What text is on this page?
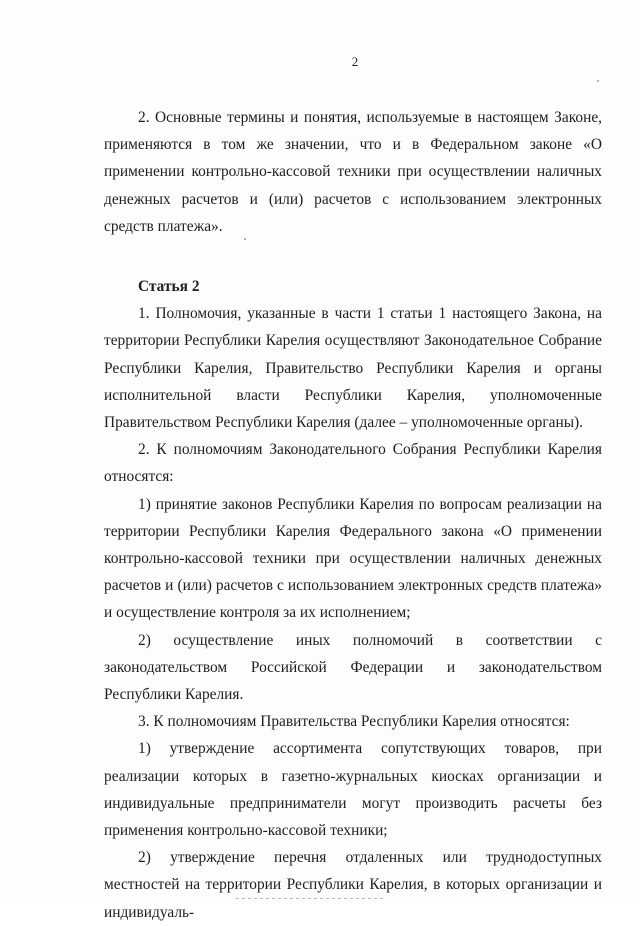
2

2. Основные термины и понятия, используемые в настоящем Законе, применяются в том же значении, что и в Федеральном законе «О применении контрольно-кассовой техники при осуществлении наличных денежных расчетов и (или) расчетов с использованием электронных средств платежа».

Статья 2

1. Полномочия, указанные в части 1 статьи 1 настоящего Закона, на территории Республики Карелия осуществляют Законодательное Собрание Республики Карелия, Правительство Республики Карелия и органы исполнительной власти Республики Карелия, уполномоченные Правительством Республики Карелия (далее – уполномоченные органы).

2. К полномочиям Законодательного Собрания Республики Карелия относятся:

1) принятие законов Республики Карелия по вопросам реализации на территории Республики Карелия Федерального закона «О применении контрольно-кассовой техники при осуществлении наличных денежных расчетов и (или) расчетов с использованием электронных средств платежа» и осуществление контроля за их исполнением;

2) осуществление иных полномочий в соответствии с законодательством Российской Федерации и законодательством Республики Карелия.

3. К полномочиям Правительства Республики Карелия относятся:

1) утверждение ассортимента сопутствующих товаров, при реализации которых в газетно-журнальных киосках организации и индивидуальные предприниматели могут производить расчеты без применения контрольно-кассовой техники;

2) утверждение перечня отдаленных или труднодоступных местностей на территории Республики Карелия, в которых организации и индивидуаль-
